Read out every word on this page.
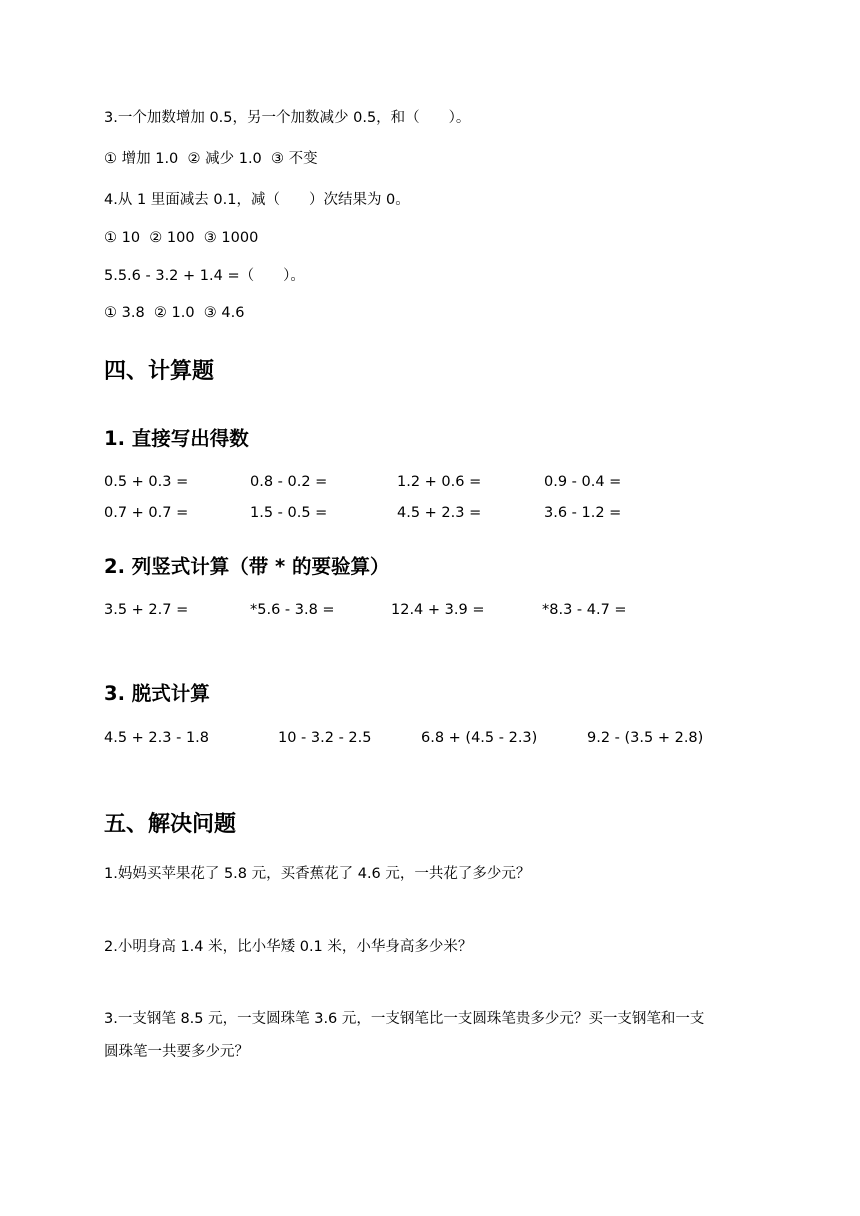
3.一个加数增加 0.5，另一个加数减少 0.5，和（　　）。
① 增加 1.0  ② 减少 1.0  ③ 不变
4.从 1 里面减去 0.1，减（　　）次结果为 0。
① 10  ② 100  ③ 1000
5.5.6 - 3.2 + 1.4 =（　　）。
① 3.8  ② 1.0  ③ 4.6
四、计算题
1. 直接写出得数
0.5 + 0.3 =	0.8 - 0.2 =	1.2 + 0.6 =	0.9 - 0.4 =
0.7 + 0.7 =	1.5 - 0.5 =	4.5 + 2.3 =	3.6 - 1.2 =
2. 列竖式计算（带 * 的要验算）
3.5 + 2.7 =	*5.6 - 3.8 =	12.4 + 3.9 =	*8.3 - 4.7 =
3. 脱式计算
4.5 + 2.3 - 1.8	10 - 3.2 - 2.5	6.8 + (4.5 - 2.3)	9.2 - (3.5 + 2.8)
五、解决问题
1.妈妈买苹果花了 5.8 元，买香蕉花了 4.6 元，一共花了多少元？
2.小明身高 1.4 米，比小华矮 0.1 米，小华身高多少米？
3.一支钢笔 8.5 元，一支圆珠笔 3.6 元，一支钢笔比一支圆珠笔贵多少元？买一支钢笔和一支
圆珠笔一共要多少元？
